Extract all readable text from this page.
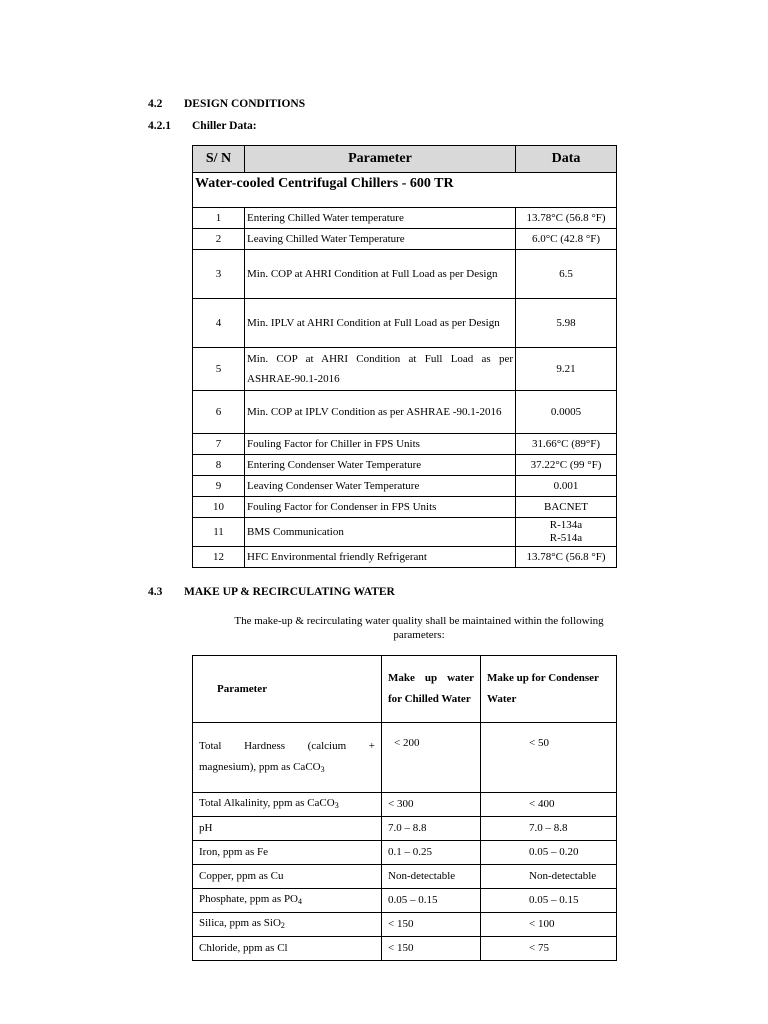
4.2 DESIGN CONDITIONS
4.2.1 Chiller Data:
S/ N	Parameter	Data
Water-cooled Centrifugal Chillers - 600 TR		
1	Entering Chilled Water temperature	13.78°C (56.8 °F)
2	Leaving Chilled Water Temperature	6.0°C (42.8 °F)
3	Min. COP at AHRI Condition at Full Load as per Design	6.5
4	Min. IPLV at AHRI Condition at Full Load as per Design	5.98
5	Min. COP at AHRI Condition at Full Load as per ASHRAE-90.1-2016	9.21
6	Min. COP at IPLV Condition as per ASHRAE -90.1-2016	0.0005
7	Fouling Factor for Chiller in FPS Units	31.66°C (89°F)
8	Entering Condenser Water Temperature	37.22°C (99 °F)
9	Leaving Condenser Water Temperature	0.001
10	Fouling Factor for Condenser in FPS Units	BACNET
11	BMS Communication	R-134a
R-514a

12	HFC Environmental friendly Refrigerant	13.78°C (56.8 °F)
4.3 MAKE UP & RECIRCULATING WATER
The make-up & recirculating water quality shall be maintained within the following parameters:
Parameter	Make up water for Chilled Water	Make up for Condenser Water
Total Hardness (calcium + magnesium), ppm as CaCO$_3$	< 200	< 50
Total Alkalinity, ppm as CaCO$_3$	< 300	< 400
pH	7.0 – 8.8	7.0 – 8.8
Iron, ppm as Fe	0.1 – 0.25	0.05 – 0.20
Copper, ppm as Cu	Non-detectable	Non-detectable
Phosphate, ppm as $PO_4$	0.05 – 0.15	0.05 – 0.15
Silica, ppm as SiO$_2$	< 150	< 100
Chloride, ppm as Cl	< 150	< 75
